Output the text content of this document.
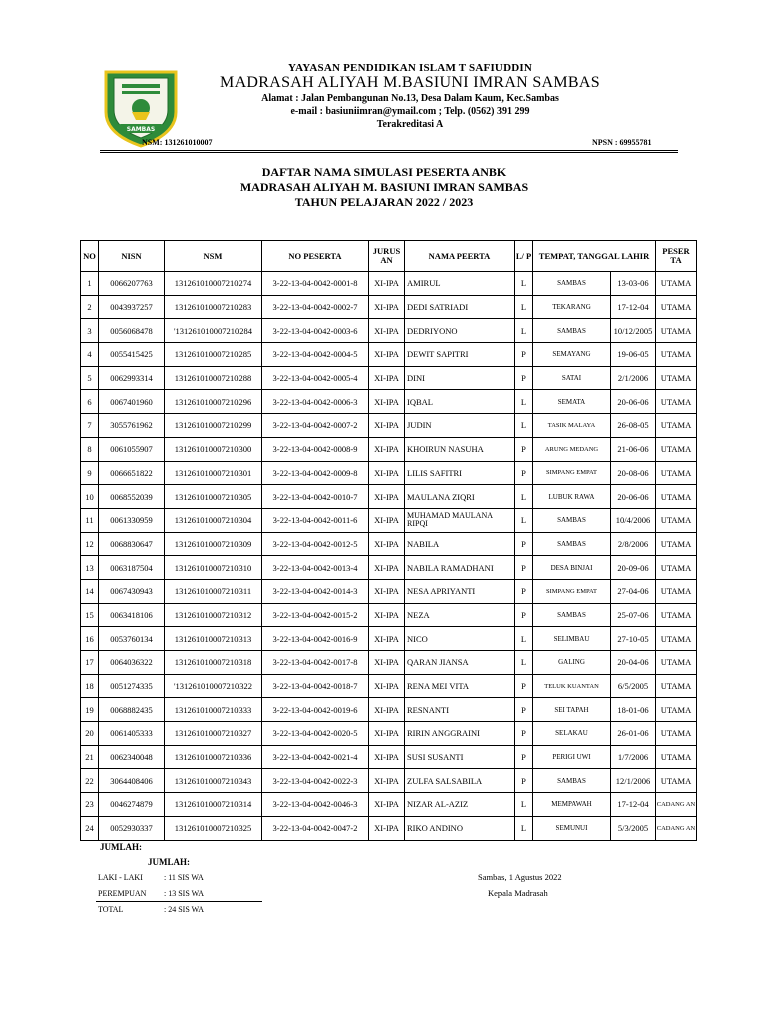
SAMBAS
YAYASAN PENDIDIKAN ISLAM T SAFIUDDIN
MADRASAH ALIYAH M.BASIUNI IMRAN SAMBAS
Alamat : Jalan Pembangunan No.13, Desa Dalam Kaum, Kec.Sambas
e-mail : basiuniimran@ymail.com ; Telp. (0562) 391 299
Terakreditasi A
NSM: 131261010007	NPSN : 69955781
DAFTAR NAMA SIMULASI PESERTA ANBK
MADRASAH ALIYAH M. BASIUNI IMRAN SAMBAS
TAHUN PELAJARAN 2022 / 2023
NO	NISN	NSM	NO PESERTA	JURUS AN	NAMA PEERTA	L/ P	TEMPAT, TANGGAL LAHIR		PESER TA
1	0066207763	131261010007210274	3-22-13-04-0042-0001-8	XI-IPA	AMIRUL	L	SAMBAS	13-03-06	UTAMA
2	0043937257	131261010007210283	3-22-13-04-0042-0002-7	XI-IPA	DEDI SATRIADI	L	TEKARANG	17-12-04	UTAMA
3	0056068478	'131261010007210284	3-22-13-04-0042-0003-6	XI-IPA	DEDRIYONO	L	SAMBAS	10/12/2005	UTAMA
4	0055415425	131261010007210285	3-22-13-04-0042-0004-5	XI-IPA	DEWIT SAPITRI	P	SEMAYANG	19-06-05	UTAMA
5	0062993314	131261010007210288	3-22-13-04-0042-0005-4	XI-IPA	DINI	P	SATAI	2/1/2006	UTAMA
6	0067401960	131261010007210296	3-22-13-04-0042-0006-3	XI-IPA	IQBAL	L	SEMATA	20-06-06	UTAMA
7	3055761962	131261010007210299	3-22-13-04-0042-0007-2	XI-IPA	JUDIN	L	TASIK MALAYA	26-08-05	UTAMA
8	0061055907	131261010007210300	3-22-13-04-0042-0008-9	XI-IPA	KHOIRUN NASUHA	P	ARUNG MEDANG	21-06-06	UTAMA
9	0066651822	131261010007210301	3-22-13-04-0042-0009-8	XI-IPA	LILIS SAFITRI	P	SIMPANG EMPAT	20-08-06	UTAMA
10	0068552039	131261010007210305	3-22-13-04-0042-0010-7	XI-IPA	MAULANA ZIQRI	L	LUBUK RAWA	20-06-06	UTAMA
11	0061330959	131261010007210304	3-22-13-04-0042-0011-6	XI-IPA	MUHAMAD MAULANA RIPQI	L	SAMBAS	10/4/2006	UTAMA
12	0068830647	131261010007210309	3-22-13-04-0042-0012-5	XI-IPA	NABILA	P	SAMBAS	2/8/2006	UTAMA
13	0063187504	131261010007210310	3-22-13-04-0042-0013-4	XI-IPA	NABILA RAMADHANI	P	DESA BINJAI	20-09-06	UTAMA
14	0067430943	131261010007210311	3-22-13-04-0042-0014-3	XI-IPA	NESA APRIYANTI	P	SIMPANG EMPAT	27-04-06	UTAMA
15	0063418106	131261010007210312	3-22-13-04-0042-0015-2	XI-IPA	NEZA	P	SAMBAS	25-07-06	UTAMA
16	0053760134	131261010007210313	3-22-13-04-0042-0016-9	XI-IPA	NICO	L	SELIMBAU	27-10-05	UTAMA
17	0064036322	131261010007210318	3-22-13-04-0042-0017-8	XI-IPA	QARAN JIANSA	L	GALING	20-04-06	UTAMA
18	0051274335	'131261010007210322	3-22-13-04-0042-0018-7	XI-IPA	RENA MEI VITA	P	TELUK KUANTAN	6/5/2005	UTAMA
19	0068882435	131261010007210333	3-22-13-04-0042-0019-6	XI-IPA	RESNANTI	P	SEI TAPAH	18-01-06	UTAMA
20	0061405333	131261010007210327	3-22-13-04-0042-0020-5	XI-IPA	RIRIN ANGGRAINI	P	SELAKAU	26-01-06	UTAMA
21	0062340048	131261010007210336	3-22-13-04-0042-0021-4	XI-IPA	SUSI SUSANTI	P	PERIGI UWI	1/7/2006	UTAMA
22	3064408406	131261010007210343	3-22-13-04-0042-0022-3	XI-IPA	ZULFA SALSABILA	P	SAMBAS	12/1/2006	UTAMA
23	0046274879	131261010007210314	3-22-13-04-0042-0046-3	XI-IPA	NIZAR AL-AZIZ	L	MEMPAWAH	17-12-04	CADANG AN
24	0052930337	131261010007210325	3-22-13-04-0042-0047-2	XI-IPA	RIKO ANDINO	L	SEMUNUI	5/3/2005	CADANG AN
JUMLAH:
JUMLAH:
LAKI - LAKI	: 11 SIS WA
PEREMPUAN : 13 SIS WA
TOTAL	: 24 SIS WA
Sambas, 1 Agustus 2022
Kepala Madrasah
